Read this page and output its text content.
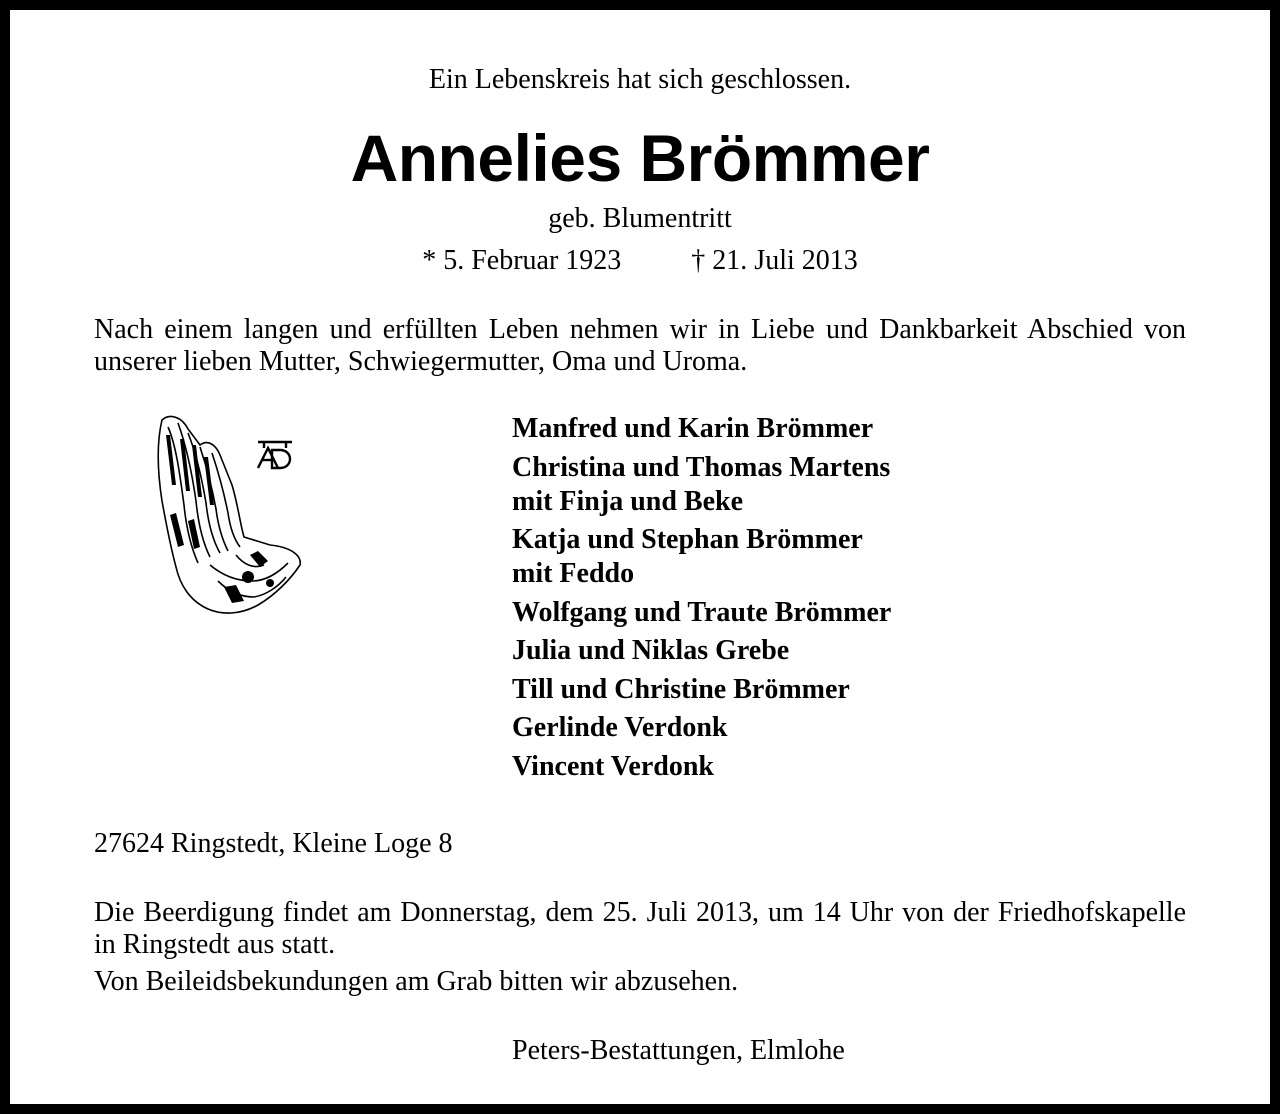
Ein Lebenskreis hat sich geschlossen.
Annelies Brömmer
geb. Blumentritt
* 5. Februar 1923	† 21. Juli 2013
Nach einem langen und erfüllten Leben nehmen wir in Liebe und Dankbarkeit Abschied von unserer lieben Mutter, Schwiegermutter, Oma und Uroma.
Manfred und Karin Brömmer
Christina und Thomas Martens
mit Finja und Beke
Katja und Stephan Brömmer
mit Feddo
Wolfgang und Traute Brömmer
Julia und Niklas Grebe
Till und Christine Brömmer
Gerlinde Verdonk
Vincent Verdonk
27624 Ringstedt, Kleine Loge 8
Die Beerdigung findet am Donnerstag, dem 25. Juli 2013, um 14 Uhr von der Friedhofskapelle in Ringstedt aus statt.
Von Beileidsbekundungen am Grab bitten wir abzusehen.
Peters-Bestattungen, Elmlohe
